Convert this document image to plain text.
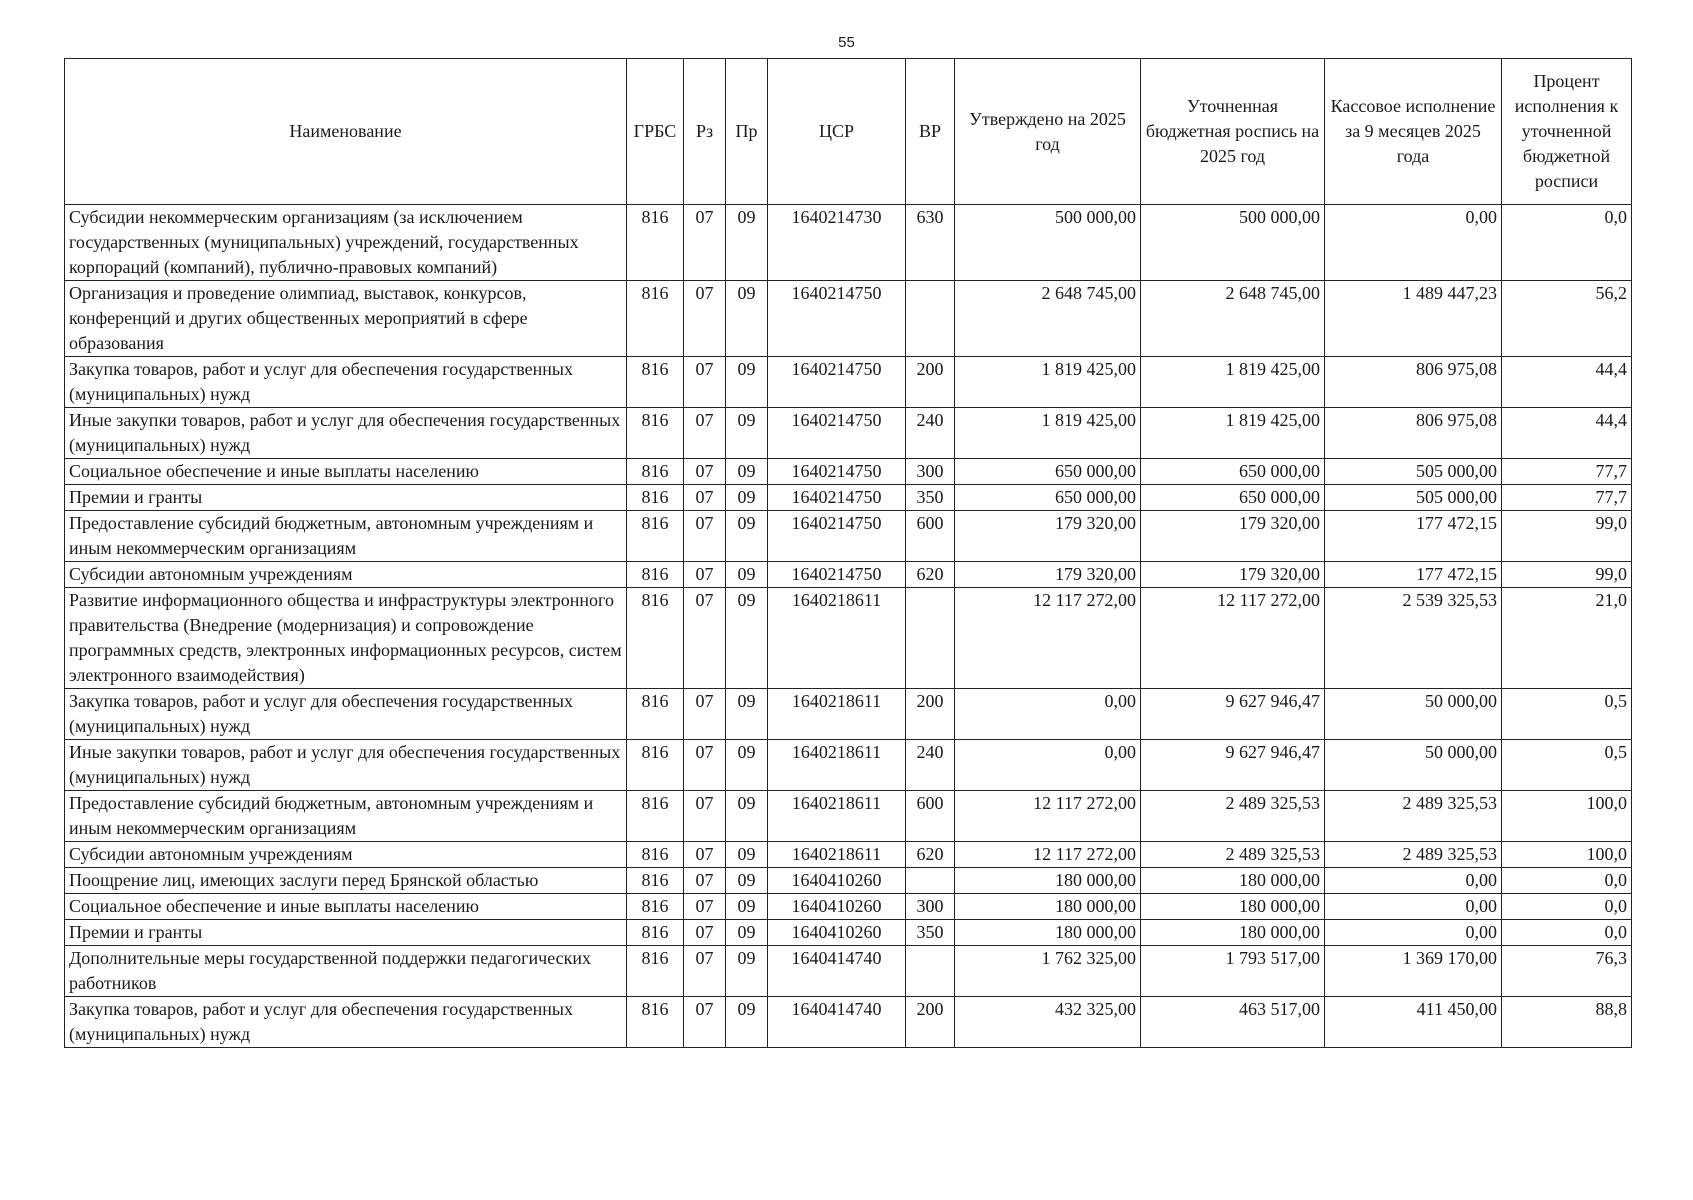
55
Наименование	ГРБС	Рз	Пр	ЦСР	ВР	Утверждено на 2025 год	Уточненная бюджетная роспись на 2025 год	Кассовое исполнение за 9 месяцев 2025 года	Процент исполнения к уточненной бюджетной росписи
Субсидии некоммерческим организациям (за исключением государственных (муниципальных) учреждений, государственных корпораций (компаний), публично-правовых компаний)	816	07	09	1640214730	630	500 000,00	500 000,00	0,00	0,0
Организация и проведение олимпиад, выставок, конкурсов, конференций и других общественных мероприятий в сфере образования	816	07	09	1640214750		2 648 745,00	2 648 745,00	1 489 447,23	56,2
Закупка товаров, работ и услуг для обеспечения государственных (муниципальных) нужд	816	07	09	1640214750	200	1 819 425,00	1 819 425,00	806 975,08	44,4
Иные закупки товаров, работ и услуг для обеспечения государственных (муниципальных) нужд	816	07	09	1640214750	240	1 819 425,00	1 819 425,00	806 975,08	44,4
Социальное обеспечение и иные выплаты населению	816	07	09	1640214750	300	650 000,00	650 000,00	505 000,00	77,7
Премии и гранты	816	07	09	1640214750	350	650 000,00	650 000,00	505 000,00	77,7
Предоставление субсидий бюджетным, автономным учреждениям и иным некоммерческим организациям	816	07	09	1640214750	600	179 320,00	179 320,00	177 472,15	99,0
Субсидии автономным учреждениям	816	07	09	1640214750	620	179 320,00	179 320,00	177 472,15	99,0
Развитие информационного общества и инфраструктуры электронного правительства (Внедрение (модернизация) и сопровождение программных средств, электронных информационных ресурсов, систем электронного взаимодействия)	816	07	09	1640218611		12 117 272,00	12 117 272,00	2 539 325,53	21,0
Закупка товаров, работ и услуг для обеспечения государственных (муниципальных) нужд	816	07	09	1640218611	200	0,00	9 627 946,47	50 000,00	0,5
Иные закупки товаров, работ и услуг для обеспечения государственных (муниципальных) нужд	816	07	09	1640218611	240	0,00	9 627 946,47	50 000,00	0,5
Предоставление субсидий бюджетным, автономным учреждениям и иным некоммерческим организациям	816	07	09	1640218611	600	12 117 272,00	2 489 325,53	2 489 325,53	100,0
Субсидии автономным учреждениям	816	07	09	1640218611	620	12 117 272,00	2 489 325,53	2 489 325,53	100,0
Поощрение лиц, имеющих заслуги перед Брянской областью	816	07	09	1640410260		180 000,00	180 000,00	0,00	0,0
Социальное обеспечение и иные выплаты населению	816	07	09	1640410260	300	180 000,00	180 000,00	0,00	0,0
Премии и гранты	816	07	09	1640410260	350	180 000,00	180 000,00	0,00	0,0
Дополнительные меры государственной поддержки педагогических работников	816	07	09	1640414740		1 762 325,00	1 793 517,00	1 369 170,00	76,3
Закупка товаров, работ и услуг для обеспечения государственных (муниципальных) нужд	816	07	09	1640414740	200	432 325,00	463 517,00	411 450,00	88,8
